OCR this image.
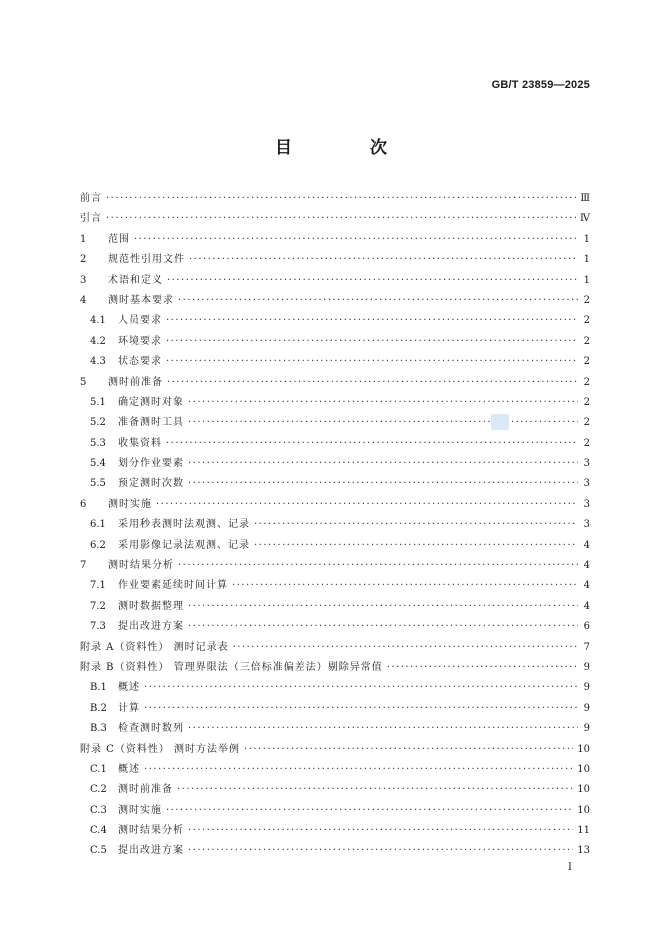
GB/T 23859—2025
目 次
前言 ·····	Ⅲ
引言 ·····	Ⅳ
1	范围 ·····	1
2	规范性引用文件 ·····	1
3	术语和定义 ·····	1
4	测时基本要求 ·····	2
4.1	人员要求 ·····	2
4.2	环境要求 ·····	2
4.3	状态要求 ·····	2
5	测时前准备 ·····	2
5.1	确定测时对象 ·····	2
5.2	准备测时工具 ·····	2
5.3	收集资料 ·····	2
5.4	划分作业要素 ·····	3
5.5	预定测时次数 ·····	3
6	测时实施 ·····	3
6.1	采用秒表测时法观测、记录 ·····	3
6.2	采用影像记录法观测、记录 ·····	4
7	测时结果分析 ·····	4
7.1	作业要素延续时间计算 ·····	4
7.2	测时数据整理 ·····	4
7.3	提出改进方案 ·····	6
附录 A（资料性） 测时记录表 ·····	7
附录 B（资料性） 管理界限法（三倍标准偏差法）剔除异常值 ·····	9
B.1	概述 ·····	9
B.2	计算 ·····	9
B.3	检查测时数列 ·····	9
附录 C（资料性） 测时方法举例 ·····	10
C.1	概述 ·····	10
C.2	测时前准备 ·····	10
C.3	测时实施 ·····	10
C.4	测时结果分析 ·····	11
C.5	提出改进方案 ·····	13
I
